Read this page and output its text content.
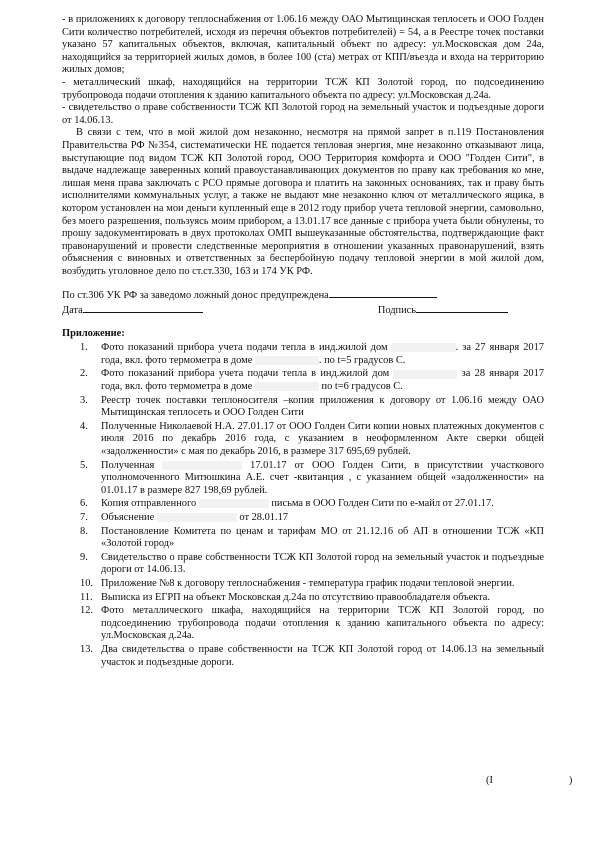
- в приложениях к договору теплоснабжения от 1.06.16 между ОАО Мытищинская теплосеть и ООО Голден Сити количество потребителей, исходя из перечня объектов потребителей) = 54, а в Реестре точек поставки указано 57 капитальных объектов, включая, капитальный объект по адресу: ул.Московская дом 24а, находящийся за территорией жилых домов, в более 100 (ста) метрах от КПП/въезда и входа на территорию жилых домов;

- металлический шкаф, находящийся на территории ТСЖ КП Золотой город, по подсоединению трубопровода подачи отопления к зданию капитального объекта по адресу: ул.Московская д.24а.

- свидетельство о праве собственности ТСЖ КП Золотой город на земельный участок и подъездные дороги от 14.06.13.

В связи с тем, что в мой жилой дом незаконно, несмотря на прямой запрет в п.119 Постановления Правительства РФ №354, систематически НЕ подается тепловая энергия, мне незаконно отказывают лица, выступающие под видом ТСЖ КП Золотой город, ООО Территория комфорта и ООО "Голден Сити", в выдаче надлежаще заверенных копий правоустанавливающих документов по праву как требования ко мне, лишая меня права заключать с РСО прямые договора и платить на законных основаниях, так и праву быть исполнителями коммунальных услуг, а также не выдают мне незаконно ключ от металлического ящика, в котором установлен на мои деньги купленный еще в 2012 году прибор учета тепловой энергии, самовольно, без моего разрешения, пользуясь моим прибором, а 13.01.17 все данные с прибора учета были обнулены, то прошу задокументировать в двух протоколах ОМП вышеуказанные обстоятельства, подтверждающие факт правонарушений и провести следственные мероприятия в отношении указанных правонарушений, взять объяснения с виновных и ответственных за беспербойную подачу тепловой энергии в мой жилой дом, возбудить уголовное дело по ст.ст.330, 163 и 174 УК РФ.

По ст.306 УК РФ за заведомо ложный донос предупреждена
Дата	Подпись
Приложение:
1. Фото показаний прибора учета подачи тепла в инд.жилой дом	. за 27 января 2017 года, вкл. фото термометра в доме	. по t=5 градусов С.
2. Фото показаний прибора учета подачи тепла в инд.жилой дом	за 28 января 2017 года, вкл. фото термометра в доме	по t=6 градусов С.
3. Реестр точек поставки теплоносителя –копия приложения к договору от 1.06.16 между ОАО Мытищинская теплосеть и ООО Голден Сити
4. Полученные Николаевой Н.А. 27.01.17 от ООО Голден Сити копии новых платежных документов с июля 2016 по декабрь 2016 года, с указанием в неоформленном Акте сверки общей «задолженности» с мая по декабрь 2016, в размере 317 695,69 рублей.
5. Полученная	17.01.17 от ООО Голден Сити, в присутствии участкового уполномоченного Митюшкина А.Е. счет -квитанция , с указанием общей «задолженности» на 01.01.17 в размере 827 198,69 рублей.
6. Копия отправленного	письма в ООО Голден Сити по е-майл от 27.01.17.
7. Объяснение	от 28.01.17
8. Постановление Комитета по ценам и тарифам МО от 21.12.16 об АП в отношении ТСЖ «КП «Золотой город»
9. Свидетельство о праве собственности ТСЖ КП Золотой город на земельный участок и подъездные дороги от 14.06.13.
10. Приложение №8 к договору теплоснабжения - температура график подачи тепловой энергии.
11. Выписка из ЕГРП на объект Московская д.24а по отсутствию правообладателя объекта.
12. Фото металлического шкафа, находящийся на территории ТСЖ КП Золотой город, по подсоединению трубопровода подачи отопления к зданию капитального объекта по адресу: ул.Московская д.24а.
13. Два свидетельства о праве собственности на ТСЖ КП Золотой город от 14.06.13 на земельный участок и подъездные дороги.
(I	)
